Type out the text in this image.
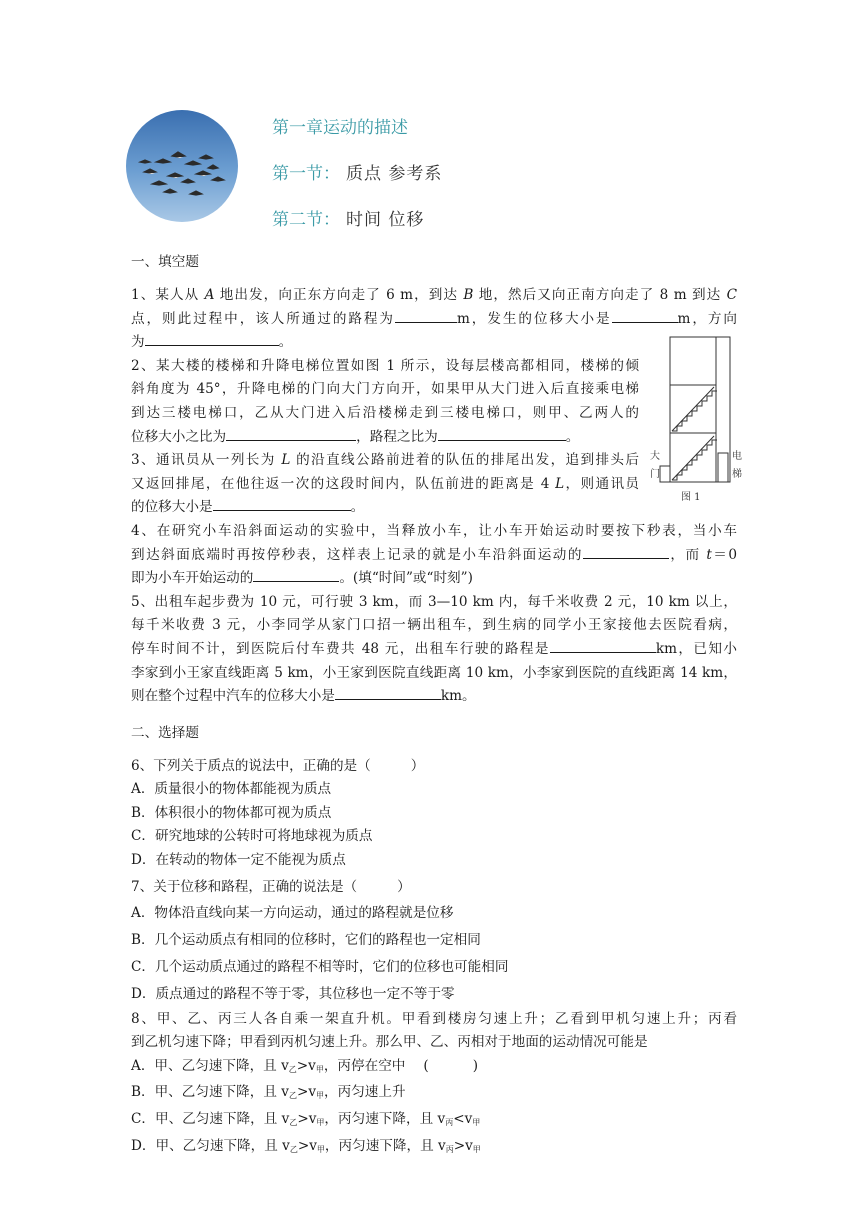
第一章运动的描述
第一节： 质点 参考系
第二节： 时间 位移
一、填空题
1、某人从 A 地出发，向正东方向走了 6 m，到达 B 地，然后又向正南方向走了 8 m 到达 C
点，则此过程中，该人所通过的路程为	m，发生的位移大小是	m，方向
为	。
2、某大楼的楼梯和升降电梯位置如图 1 所示，设每层楼高都相同，楼梯的倾
斜角度为 45°，升降电梯的门向大门方向开，如果甲从大门进入后直接乘电梯
到达三楼电梯口，乙从大门进入后沿楼梯走到三楼电梯口，则甲、乙两人的
位移大小之比为	，路程之比为	。
3、通讯员从一列长为 L 的沿直线公路前进着的队伍的排尾出发，追到排头后
又返回排尾，在他往返一次的这段时间内，队伍前进的距离是 4 L，则通讯员
的位移大小是	。
4、在研究小车沿斜面运动的实验中，当释放小车，让小车开始运动时要按下秒表，当小车
到达斜面底端时再按停秒表，这样表上记录的就是小车沿斜面运动的	，而 t＝0
即为小车开始运动的	。(填“时间”或“时刻”)
5、出租车起步费为 10 元，可行驶 3 km，而 3—10 km 内，每千米收费 2 元，10 km 以上，
每千米收费 3 元，小李同学从家门口招一辆出租车，到生病的同学小王家接他去医院看病，
停车时间不计，到医院后付车费共 48 元，出租车行驶的路程是	km，已知小
李家到小王家直线距离 5 km，小王家到医院直线距离 10 km，小李家到医院的直线距离 14 km，
则在整个过程中汽车的位移大小是	km。
二、选择题
6、下列关于质点的说法中，正确的是（	）
A．质量很小的物体都能视为质点
B．体积很小的物体都可视为质点
C．研究地球的公转时可将地球视为质点
D．在转动的物体一定不能视为质点
7、关于位移和路程，正确的说法是（	）
A．物体沿直线向某一方向运动，通过的路程就是位移
B．几个运动质点有相同的位移时，它们的路程也一定相同
C．几个运动质点通过的路程不相等时，它们的位移也可能相同
D．质点通过的路程不等于零，其位移也一定不等于零
8、甲、乙、丙三人各自乘一架直升机。甲看到楼房匀速上升；乙看到甲机匀速上升；丙看
到乙机匀速下降；甲看到丙机匀速上升。那么甲、乙、丙相对于地面的运动情况可能是
A．甲、乙匀速下降，且 $v_乙>v_甲$，丙停在空中 (	)
B．甲、乙匀速下降，且 $v_乙>v_甲$，丙匀速上升
C．甲、乙匀速下降，且 $v_乙>v_甲$，丙匀速下降，且 $v_丙<v_甲$
D．甲、乙匀速下降，且 $v_乙>v_甲$，丙匀速下降，且 $v_丙>v_甲$
大
门
电
梯
图 1
